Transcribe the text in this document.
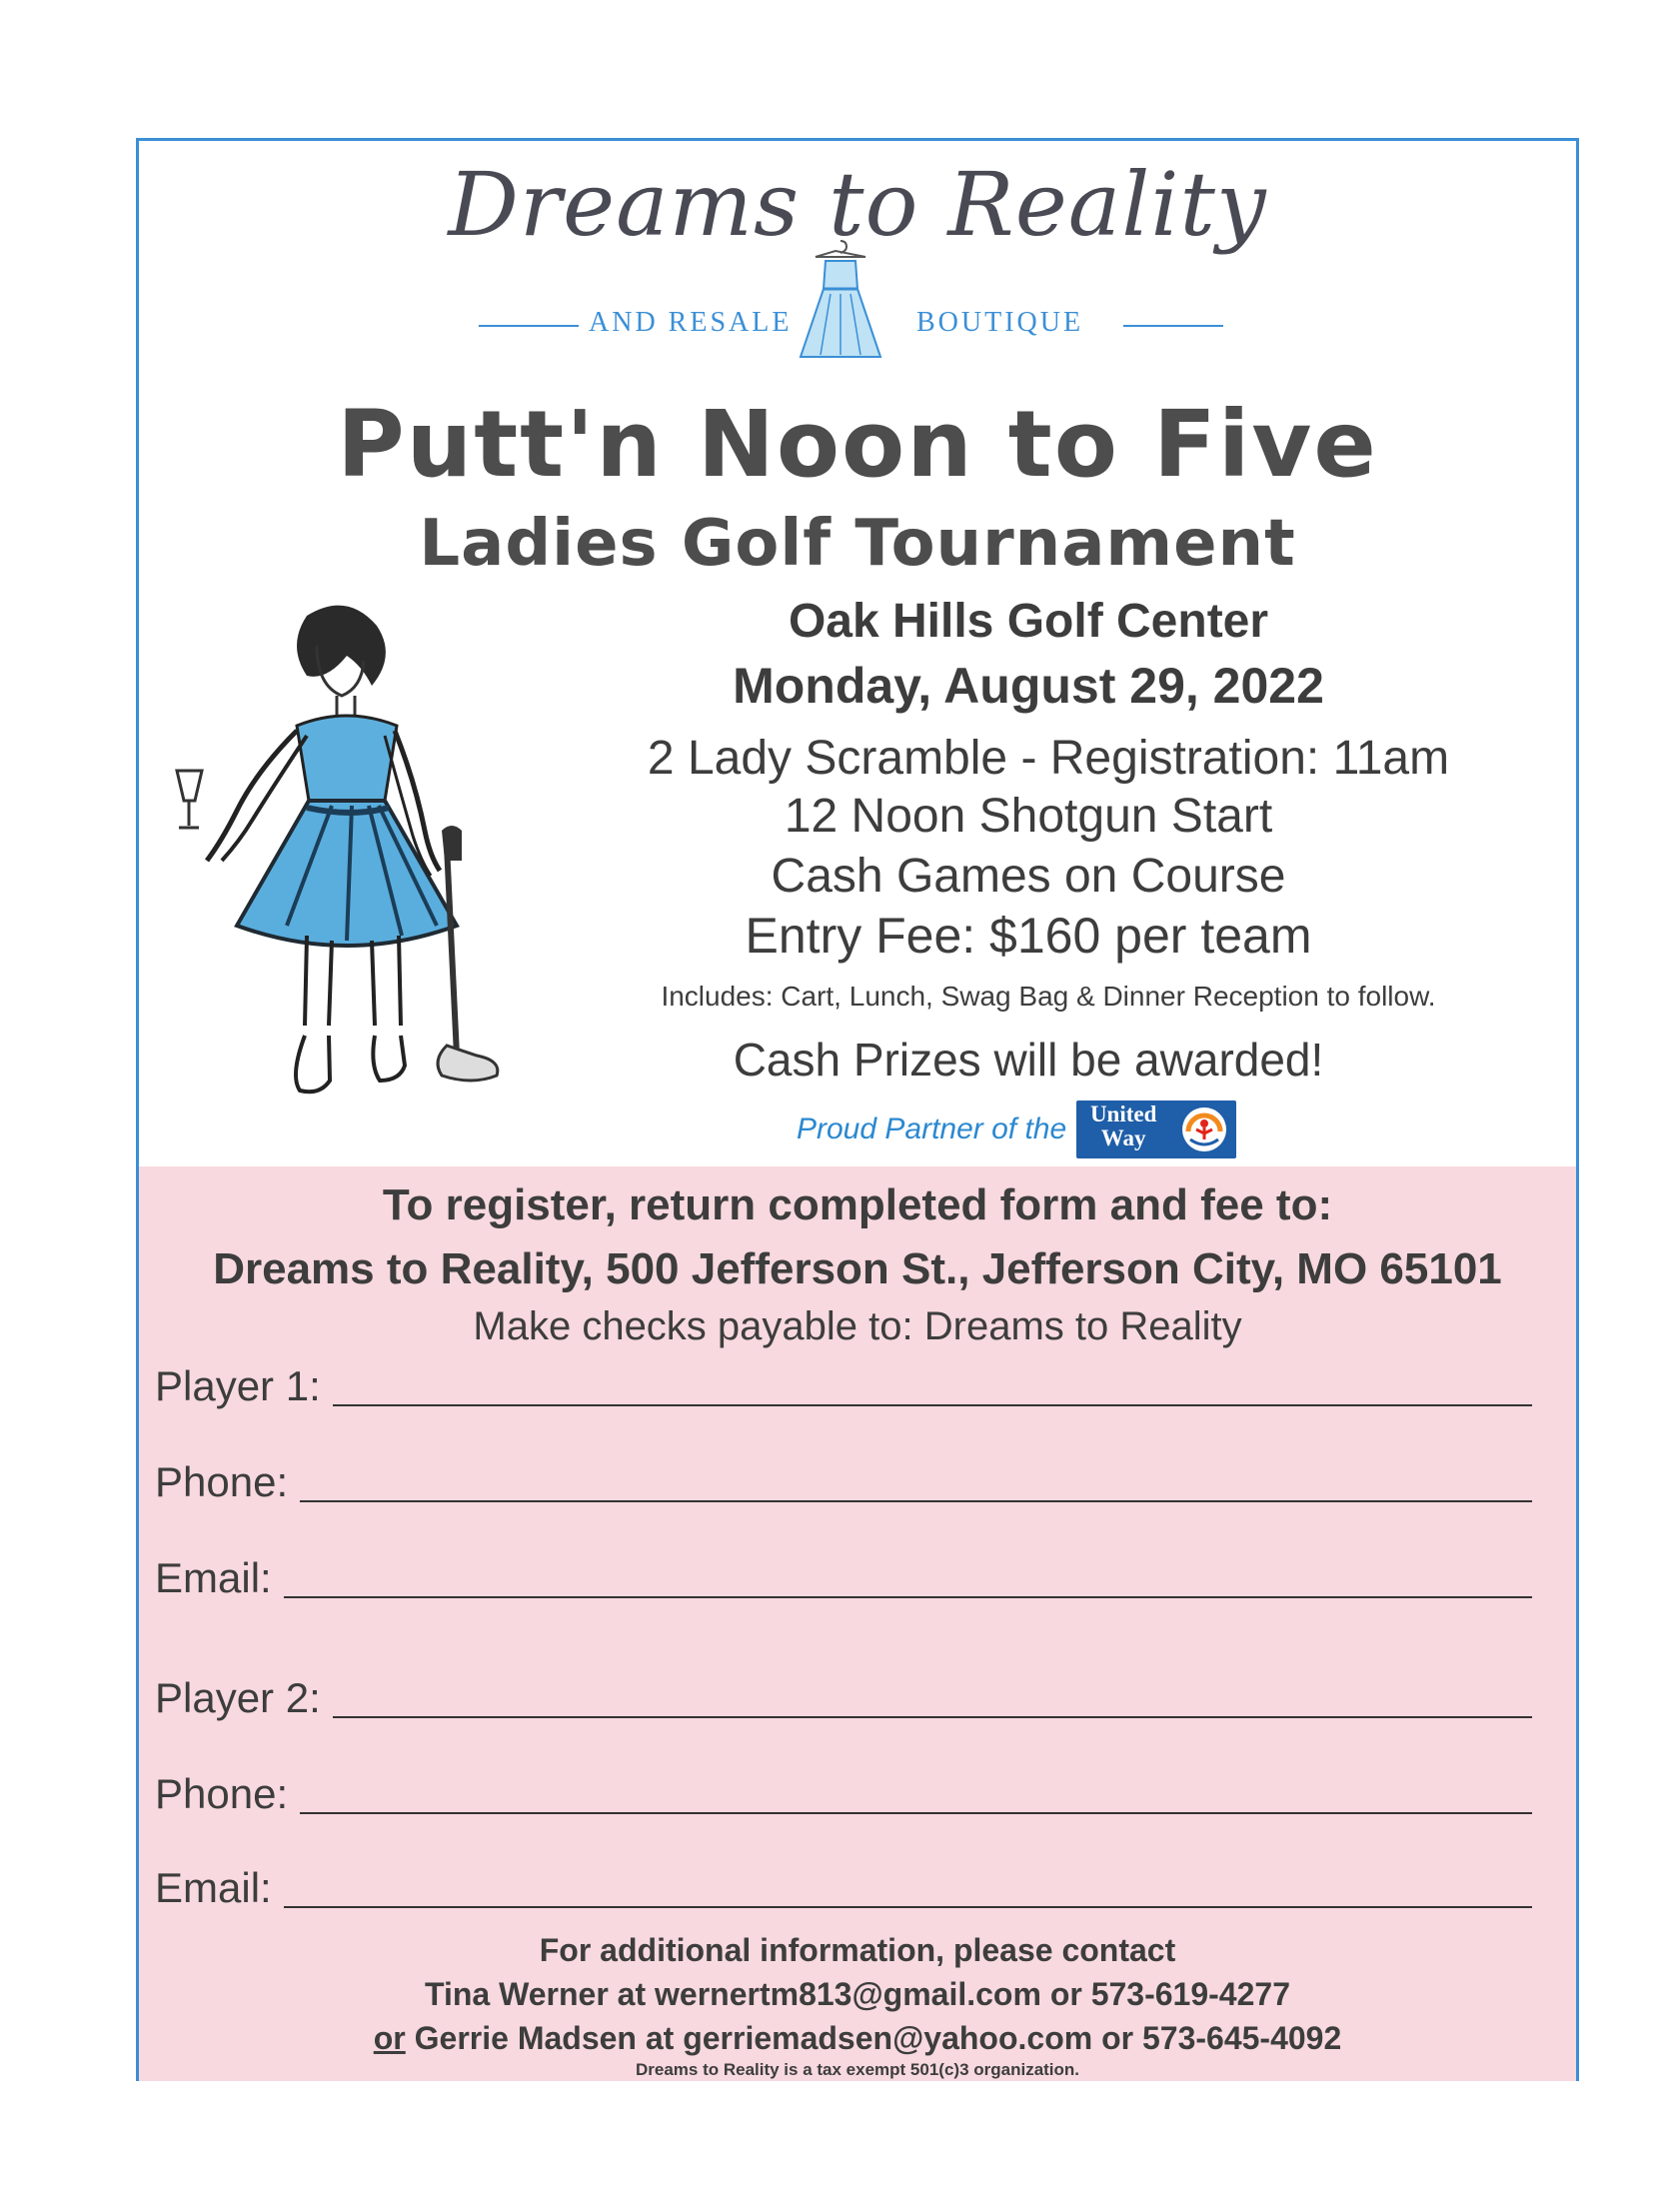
Dreams to Reality
AND RESALE	BOUTIQUE
Putt'n Noon to Five
Ladies Golf Tournament
Oak Hills Golf Center
Monday, August 29, 2022
2 Lady Scramble - Registration: 11am
12 Noon Shotgun Start
Cash Games on Course
Entry Fee: $160 per team
Includes: Cart, Lunch, Swag Bag & Dinner Reception to follow.
Cash Prizes will be awarded!
Proud Partner of the	United Way
To register, return completed form and fee to:
Dreams to Reality, 500 Jefferson St., Jefferson City, MO 65101
Make checks payable to: Dreams to Reality
Player 1:
Phone:
Email:
Player 2:
Phone:
Email:
For additional information, please contact
Tina Werner at wernertm813@gmail.com or 573-619-4277
or Gerrie Madsen at gerriemadsen@yahoo.com or 573-645-4092
Dreams to Reality is a tax exempt 501(c)3 organization.
